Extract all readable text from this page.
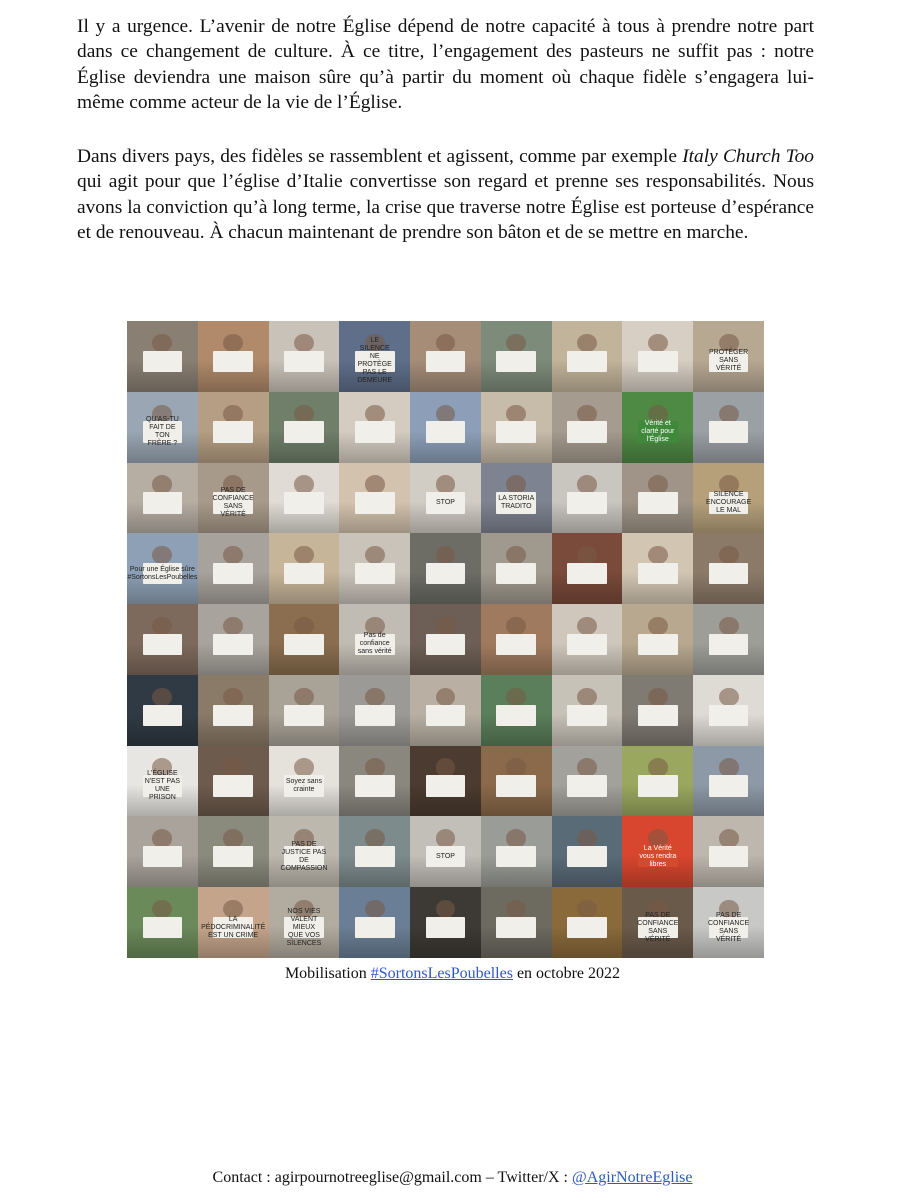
Il y a urgence. L’avenir de notre Église dépend de notre capacité à tous à prendre notre part dans ce changement de culture. À ce titre, l’engagement des pasteurs ne suffit pas : notre Église deviendra une maison sûre qu’à partir du moment où chaque fidèle s’engagera lui-même comme acteur de la vie de l’Église.

Dans divers pays, des fidèles se rassemblent et agissent, comme par exemple Italy Church Too qui agit pour que l’église d’Italie convertisse son regard et prenne ses responsabilités. Nous avons la conviction qu’à long terme, la crise que traverse notre Église est porteuse d’espérance et de renouveau. À chacun maintenant de prendre son bâton et de se mettre en marche.

LE SILENCE NE PROTÈGE PAS LE DEMEURE
PROTÉGER SANS VÉRITÉ
QU'AS-TU FAIT DE TON FRÈRE ?
Vérité et clarté pour l'Église
PAS DE CONFIANCE SANS VÉRITÉ
STOP
LA STORIA TRADITO
SILENCE ENCOURAGE LE MAL
Pour une Église sûre #SortonsLesPoubelles
Pas de confiance sans vérité
L'ÉGLISE N'EST PAS UNE PRISON
Soyez sans crainte
PAS DE JUSTICE PAS DE COMPASSION
STOP
La Vérité vous rendra libres
LA PÉDOCRIMINALITÉ EST UN CRIME
NOS VIES VALENT MIEUX QUE VOS SILENCES
PAS DE CONFIANCE SANS VÉRITÉ
PAS DE CONFIANCE SANS VÉRITÉ
Mobilisation #SortonsLesPoubelles en octobre 2022
Contact : agirpournotreeglise@gmail.com – Twitter/X : @AgirNotreEglise
